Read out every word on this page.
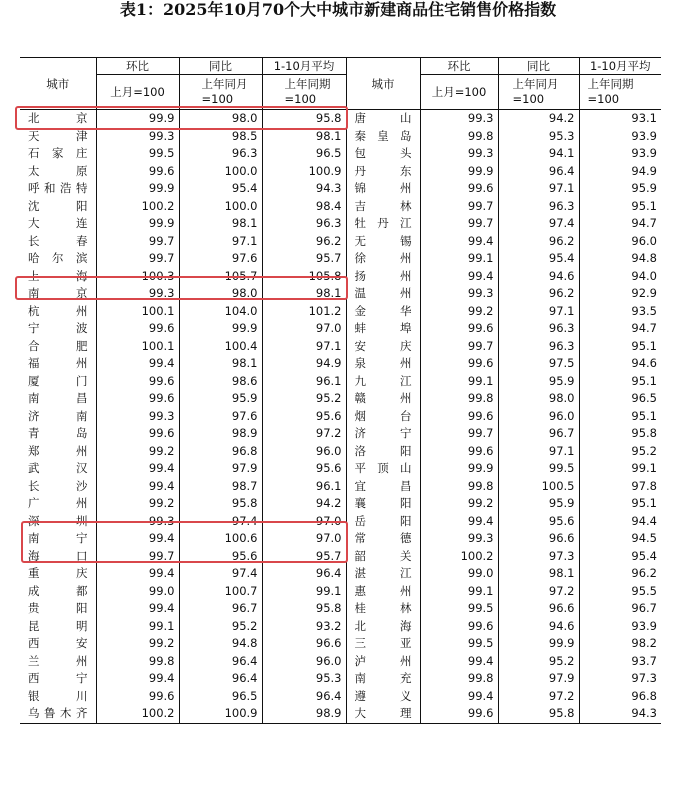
表1：2025年10月70个大中城市新建商品住宅销售价格指数
城市	环比	同比	1-10月平均	城市	环比	同比	1-10月平均
	上月=100	上年同月=100	上年同期=100		上月=100	上年同月=100	上年同期=100

北　京	99.9	98.0	95.8	唐　山	99.3	94.2	93.1
天　津	99.3	98.5	98.1	秦皇岛	99.8	95.3	93.9
石家庄	99.5	96.3	96.5	包　头	99.3	94.1	93.9
太　原	99.6	100.0	100.9	丹　东	99.9	96.4	94.9
呼和浩特	99.9	95.4	94.3	锦　州	99.6	97.1	95.9
沈　阳	100.2	100.0	98.4	吉　林	99.7	96.3	95.1
大　连	99.9	98.1	96.3	牡丹江	99.7	97.4	94.7
长　春	99.7	97.1	96.2	无　锡	99.4	96.2	96.0
哈尔滨	99.7	97.6	95.7	徐　州	99.1	95.4	94.8
上　海	100.3	105.7	105.8	扬　州	99.4	94.6	94.0
南　京	99.3	98.0	98.1	温　州	99.3	96.2	92.9
杭　州	100.1	104.0	101.2	金　华	99.2	97.1	93.5
宁　波	99.6	99.9	97.0	蚌　埠	99.6	96.3	94.7
合　肥	100.1	100.4	97.1	安　庆	99.7	96.3	95.1
福　州	99.4	98.1	94.9	泉　州	99.6	97.5	94.6
厦　门	99.6	98.6	96.1	九　江	99.1	95.9	95.1
南　昌	99.6	95.9	95.2	赣　州	99.8	98.0	96.5
济　南	99.3	97.6	95.6	烟　台	99.6	96.0	95.1
青　岛	99.6	98.9	97.2	济　宁	99.7	96.7	95.8
郑　州	99.2	96.8	96.0	洛　阳	99.6	97.1	95.2
武　汉	99.4	97.9	95.6	平顶山	99.9	99.5	99.1
长　沙	99.4	98.7	96.1	宜　昌	99.8	100.5	97.8
广　州	99.2	95.8	94.2	襄　阳	99.2	95.9	95.1
深　圳	99.3	97.4	97.0	岳　阳	99.4	95.6	94.4
南　宁	99.4	100.6	97.0	常　德	99.3	96.6	94.5
海　口	99.7	95.6	95.7	韶　关	100.2	97.3	95.4
重　庆	99.4	97.4	96.4	湛　江	99.0	98.1	96.2
成　都	99.0	100.7	99.1	惠　州	99.1	97.2	95.5
贵　阳	99.4	96.7	95.8	桂　林	99.5	96.6	96.7
昆　明	99.1	95.2	93.2	北　海	99.6	94.6	93.9
西　安	99.2	94.8	96.6	三　亚	99.5	99.9	98.2
兰　州	99.8	96.4	96.0	泸　州	99.4	95.2	93.7
西　宁	99.4	96.4	95.3	南　充	99.8	97.9	97.3
银　川	99.6	96.5	96.4	遵　义	99.4	97.2	96.8
乌鲁木齐	100.2	100.9	98.9	大　理	99.6	95.8	94.3
